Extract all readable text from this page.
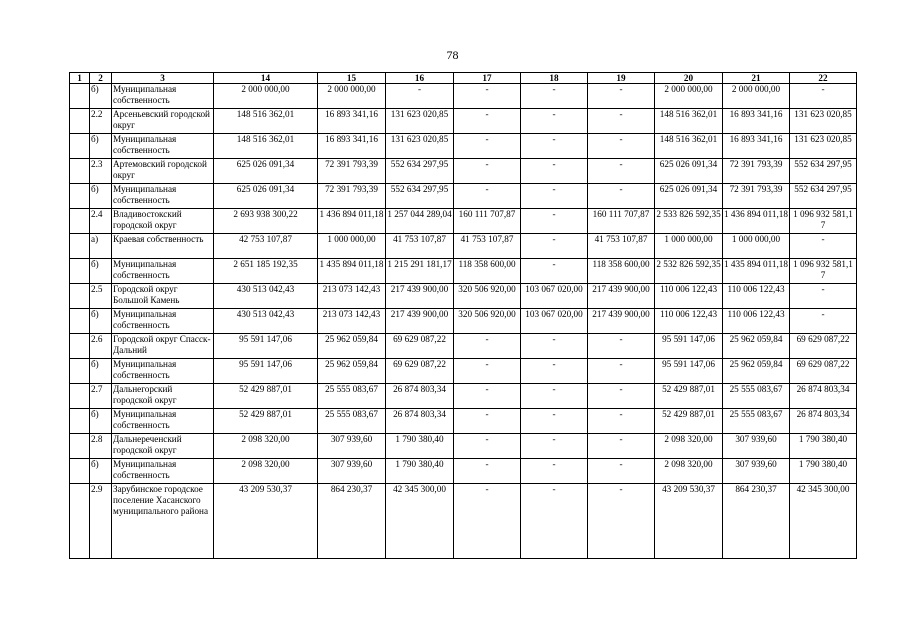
78
1	2	3	14	15	16	17	18	19	20	21	22
	б)	Муниципальная собственность	2 000 000,00	2 000 000,00	-	-	-	-	2 000 000,00	2 000 000,00	-
	2.2	Арсеньевский городской округ	148 516 362,01	16 893 341,16	131 623 020,85	-	-	-	148 516 362,01	16 893 341,16	131 623 020,85
	б)	Муниципальная собственность	148 516 362,01	16 893 341,16	131 623 020,85	-	-	-	148 516 362,01	16 893 341,16	131 623 020,85
	2.3	Артемовский городской округ	625 026 091,34	72 391 793,39	552 634 297,95	-	-	-	625 026 091,34	72 391 793,39	552 634 297,95
	б)	Муниципальная собственность	625 026 091,34	72 391 793,39	552 634 297,95	-	-	-	625 026 091,34	72 391 793,39	552 634 297,95
	2.4	Владивостокский городской округ	2 693 938 300,22	1 436 894 011,18	1 257 044 289,04	160 111 707,87	-	160 111 707,87	2 533 826 592,35	1 436 894 011,18	1 096 932 581,17
	а)	Краевая собственность	42 753 107,87	1 000 000,00	41 753 107,87	41 753 107,87	-	41 753 107,87	1 000 000,00	1 000 000,00	-
	б)	Муниципальная собственность	2 651 185 192,35	1 435 894 011,18	1 215 291 181,17	118 358 600,00	-	118 358 600,00	2 532 826 592,35	1 435 894 011,18	1 096 932 581,17
	2.5	Городской округ Большой Камень	430 513 042,43	213 073 142,43	217 439 900,00	320 506 920,00	103 067 020,00	217 439 900,00	110 006 122,43	110 006 122,43	-
	б)	Муниципальная собственность	430 513 042,43	213 073 142,43	217 439 900,00	320 506 920,00	103 067 020,00	217 439 900,00	110 006 122,43	110 006 122,43	-
	2.6	Городской округ Спасск-Дальний	95 591 147,06	25 962 059,84	69 629 087,22	-	-	-	95 591 147,06	25 962 059,84	69 629 087,22
	б)	Муниципальная собственность	95 591 147,06	25 962 059,84	69 629 087,22	-	-	-	95 591 147,06	25 962 059,84	69 629 087,22
	2.7	Дальнегорский городской округ	52 429 887,01	25 555 083,67	26 874 803,34	-	-	-	52 429 887,01	25 555 083,67	26 874 803,34
	б)	Муниципальная собственность	52 429 887,01	25 555 083,67	26 874 803,34	-	-	-	52 429 887,01	25 555 083,67	26 874 803,34
	2.8	Дальнереченский городской округ	2 098 320,00	307 939,60	1 790 380,40	-	-	-	2 098 320,00	307 939,60	1 790 380,40
	б)	Муниципальная собственность	2 098 320,00	307 939,60	1 790 380,40	-	-	-	2 098 320,00	307 939,60	1 790 380,40
	2.9	Зарубинское городское поселение Хасанского муниципального района	43 209 530,37	864 230,37	42 345 300,00	-	-	-	43 209 530,37	864 230,37	42 345 300,00
